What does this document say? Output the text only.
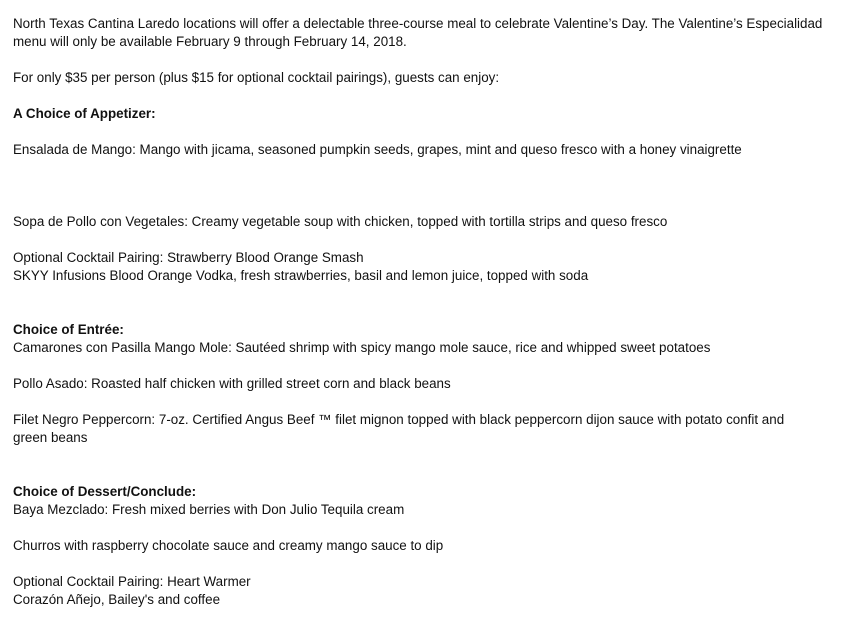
North Texas Cantina Laredo locations will offer a delectable three-course meal to celebrate Valentine’s Day. The Valentine’s Especialidad
menu will only be available February 9 through February 14, 2018.
For only $35 per person (plus $15 for optional cocktail pairings), guests can enjoy:
A Choice of Appetizer:
Ensalada de Mango: Mango with jicama, seasoned pumpkin seeds, grapes, mint and queso fresco with a honey vinaigrette
Sopa de Pollo con Vegetales: Creamy vegetable soup with chicken, topped with tortilla strips and queso fresco
Optional Cocktail Pairing: Strawberry Blood Orange Smash
SKYY Infusions Blood Orange Vodka, fresh strawberries, basil and lemon juice, topped with soda
Choice of Entrée:
Camarones con Pasilla Mango Mole: Sautéed shrimp with spicy mango mole sauce, rice and whipped sweet potatoes
Pollo Asado: Roasted half chicken with grilled street corn and black beans
Filet Negro Peppercorn: 7-oz. Certified Angus Beef ™ filet mignon topped with black peppercorn dijon sauce with potato confit and
green beans
Choice of Dessert/Conclude:
Baya Mezclado: Fresh mixed berries with Don Julio Tequila cream
Churros with raspberry chocolate sauce and creamy mango sauce to dip
Optional Cocktail Pairing: Heart Warmer
Corazón Añejo, Bailey's and coffee
